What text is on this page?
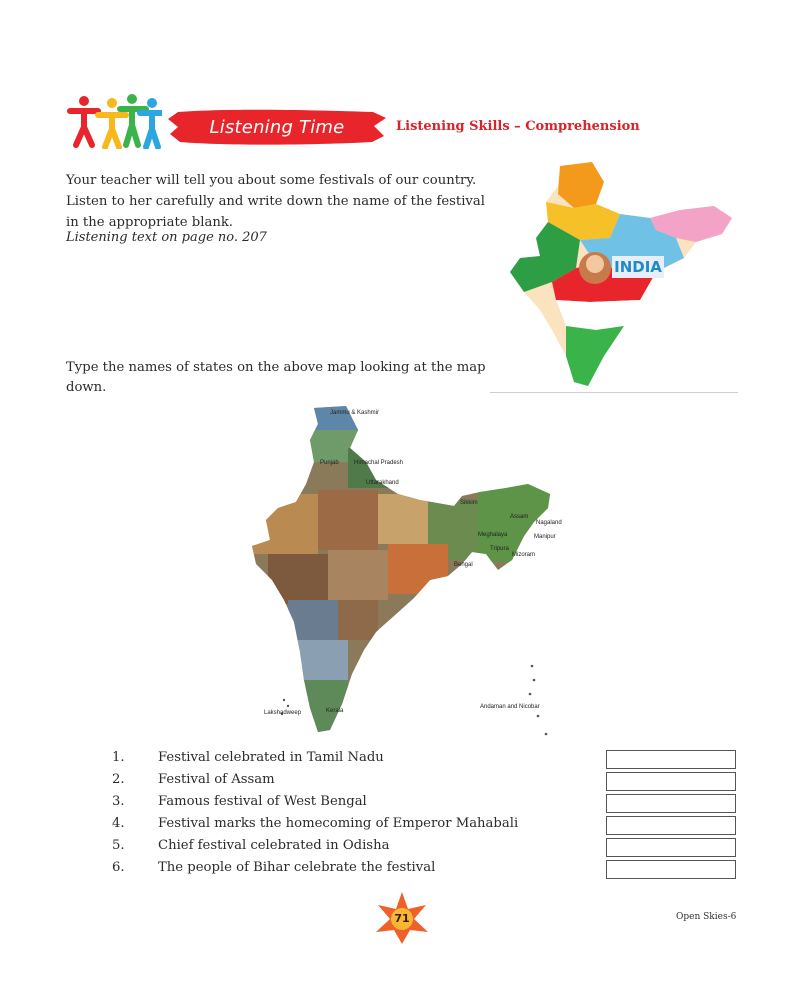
Listening Time	Listening Skills – Comprehension
Your teacher will tell you about some festivals of our country. Listen to her carefully and write down the name of the festival in the appropriate blank.
Listening text on page no. 207
INDIA
Type the names of states on the above map looking at the map down.
Jammu & Kashmir
Punjab	Himachal Pradesh
Uttarakhand
Sikkim
Assam
Nagaland
Meghalaya	Manipur
Tripura
Mizoram
Bengal
Lakshadweep	Kerala
Andaman and Nicobar
1.	Festival celebrated in Tamil Nadu
2.	Festival of Assam
3.	Famous festival of West Bengal
4.	Festival marks the homecoming of Emperor Mahabali
5.	Chief festival celebrated in Odisha
6.	The people of Bihar celebrate the festival
71	Open Skies-6
